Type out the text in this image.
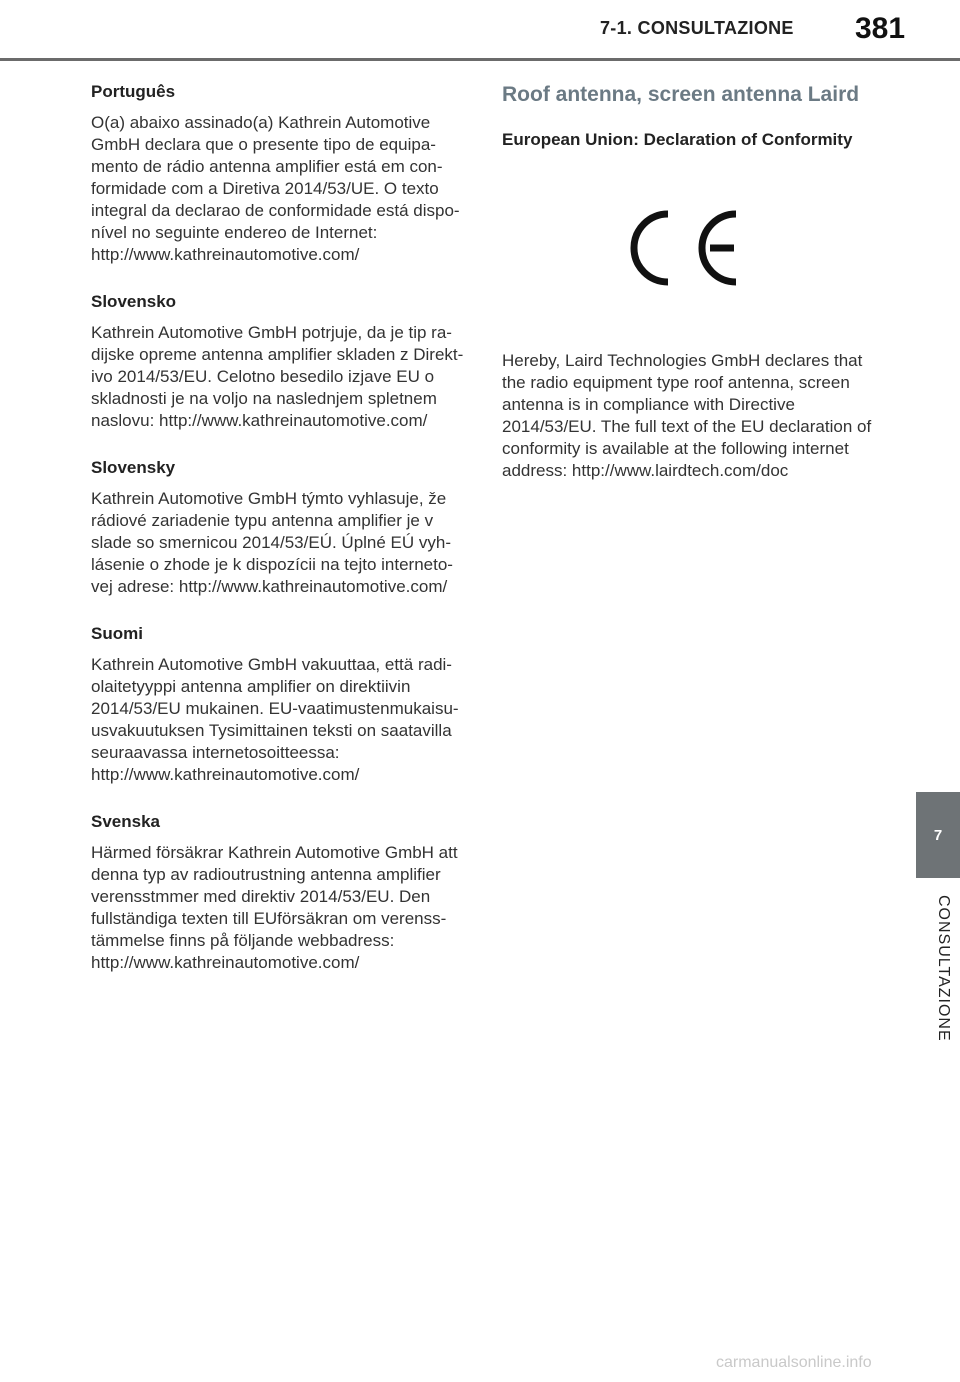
7-1. CONSULTAZIONE 381
Português

O(a) abaixo assinado(a) Kathrein Automotive GmbH declara que o presente tipo de equipa-mento de rádio antenna amplifier está em con-formidade com a Diretiva 2014/53/UE. O texto integral da declarao de conformidade está dispo-nível no seguinte endereo de Internet: http://www.kathreinautomotive.com/

Slovensko

Kathrein Automotive GmbH potrjuje, da je tip ra-dijske opreme antenna amplifier skladen z Direkt-ivo 2014/53/EU. Celotno besedilo izjave EU o skladnosti je na voljo na naslednjem spletnem naslovu: http://www.kathreinautomotive.com/

Slovensky

Kathrein Automotive GmbH týmto vyhlasuje, že rádiové zariadenie typu antenna amplifier je v slade so smernicou 2014/53/EÚ. Úplné EÚ vyh-lásenie o zhode je k dispozícii na tejto interneto-vej adrese: http://www.kathreinautomotive.com/

Suomi

Kathrein Automotive GmbH vakuuttaa, että radi-olaitetyyppi antenna amplifier on direktiivin 2014/53/EU mukainen. EU-vaatimustenmukaisu-usvakuutuksen Tysimittainen teksti on saatavilla seuraavassa internetosoitteessa: http://www.kathreinautomotive.com/

Svenska

Härmed försäkrar Kathrein Automotive GmbH att denna typ av radioutrustning antenna amplifier verensstmmer med direktiv 2014/53/EU. Den fullständiga texten till EUförsäkran om verenss-tämmelse finns på följande webbadress: http://www.kathreinautomotive.com/

Roof antenna, screen antenna Laird
European Union: Declaration of Conformity

Hereby, Laird Technologies GmbH declares that the radio equipment type roof antenna, screen antenna is in compliance with Directive 2014/53/EU. The full text of the EU declaration of conformity is available at the following internet address: http://www.lairdtech.com/doc

7
CONSULTAZIONE
carmanualsonline.info
